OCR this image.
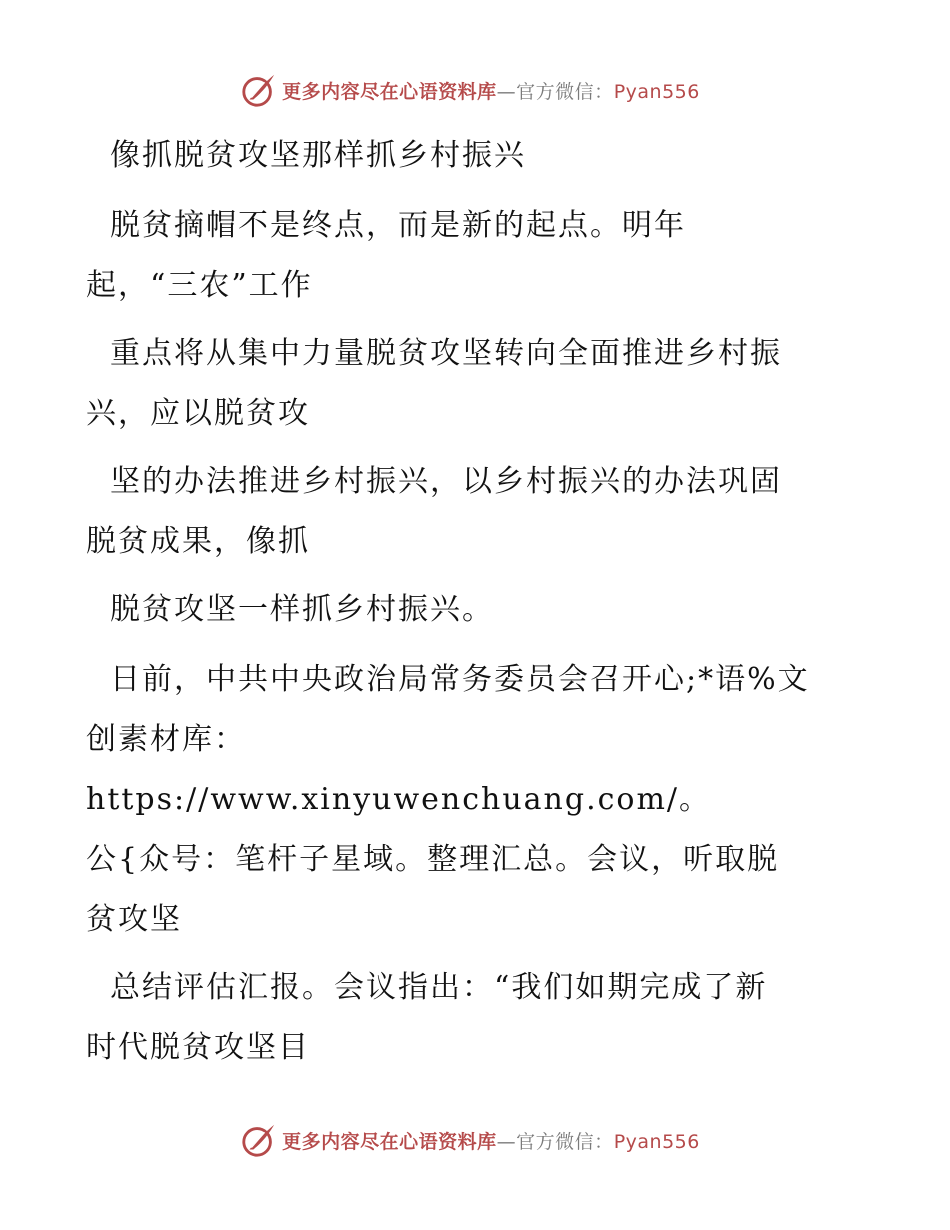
更多内容尽在心语资料库—官方微信：Pyan556
像抓脱贫攻坚那样抓乡村振兴
脱贫摘帽不是终点，而是新的起点。明年
起，“三农”工作
重点将从集中力量脱贫攻坚转向全面推进乡村振
兴，应以脱贫攻
坚的办法推进乡村振兴，以乡村振兴的办法巩固
脱贫成果，像抓
脱贫攻坚一样抓乡村振兴。
日前，中共中央政治局常务委员会召开心;*语%文
创素材库：https://www.xinyuwenchuang.com/。
公{众号：笔杆子星域。整理汇总。会议，听取脱
贫攻坚
总结评估汇报。会议指出：“我们如期完成了新
时代脱贫攻坚目
更多内容尽在心语资料库—官方微信：Pyan556
